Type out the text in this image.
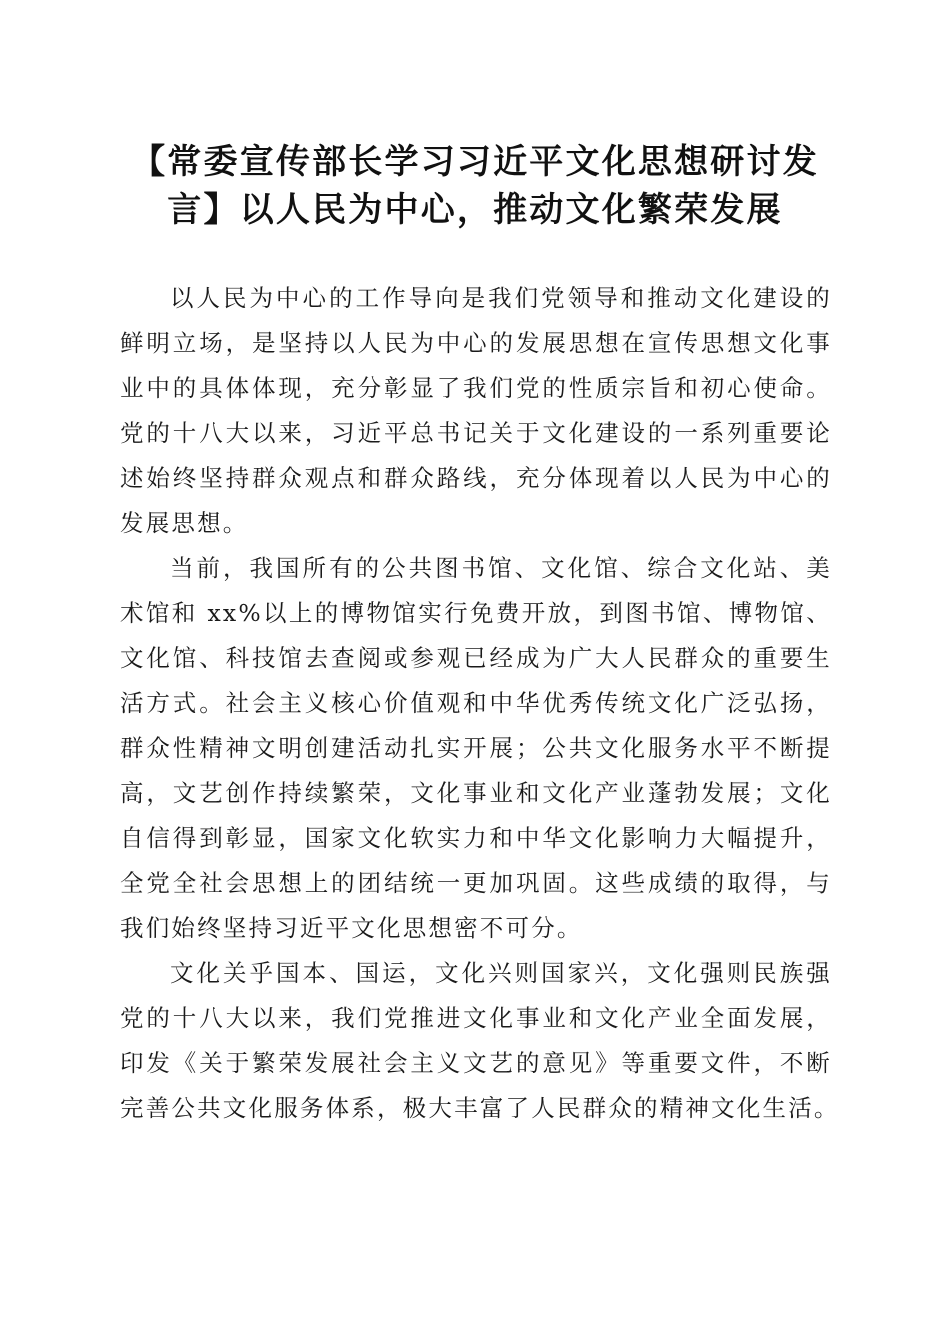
【常委宣传部长学习习近平文化思想研讨发
言】以人民为中心，推动文化繁荣发展
以人民为中心的工作导向是我们党领导和推动文化建设的
鲜明立场，是坚持以人民为中心的发展思想在宣传思想文化事
业中的具体体现，充分彰显了我们党的性质宗旨和初心使命。
党的十八大以来，习近平总书记关于文化建设的一系列重要论
述始终坚持群众观点和群众路线，充分体现着以人民为中心的
发展思想。
当前，我国所有的公共图书馆、文化馆、综合文化站、美
术馆和 xx%以上的博物馆实行免费开放，到图书馆、博物馆、
文化馆、科技馆去查阅或参观已经成为广大人民群众的重要生
活方式。社会主义核心价值观和中华优秀传统文化广泛弘扬，
群众性精神文明创建活动扎实开展；公共文化服务水平不断提
高，文艺创作持续繁荣，文化事业和文化产业蓬勃发展；文化
自信得到彰显，国家文化软实力和中华文化影响力大幅提升，
全党全社会思想上的团结统一更加巩固。这些成绩的取得，与
我们始终坚持习近平文化思想密不可分。
文化关乎国本、国运，文化兴则国家兴，文化强则民族强
党的十八大以来，我们党推进文化事业和文化产业全面发展，
印发《关于繁荣发展社会主义文艺的意见》等重要文件，不断
完善公共文化服务体系，极大丰富了人民群众的精神文化生活。
